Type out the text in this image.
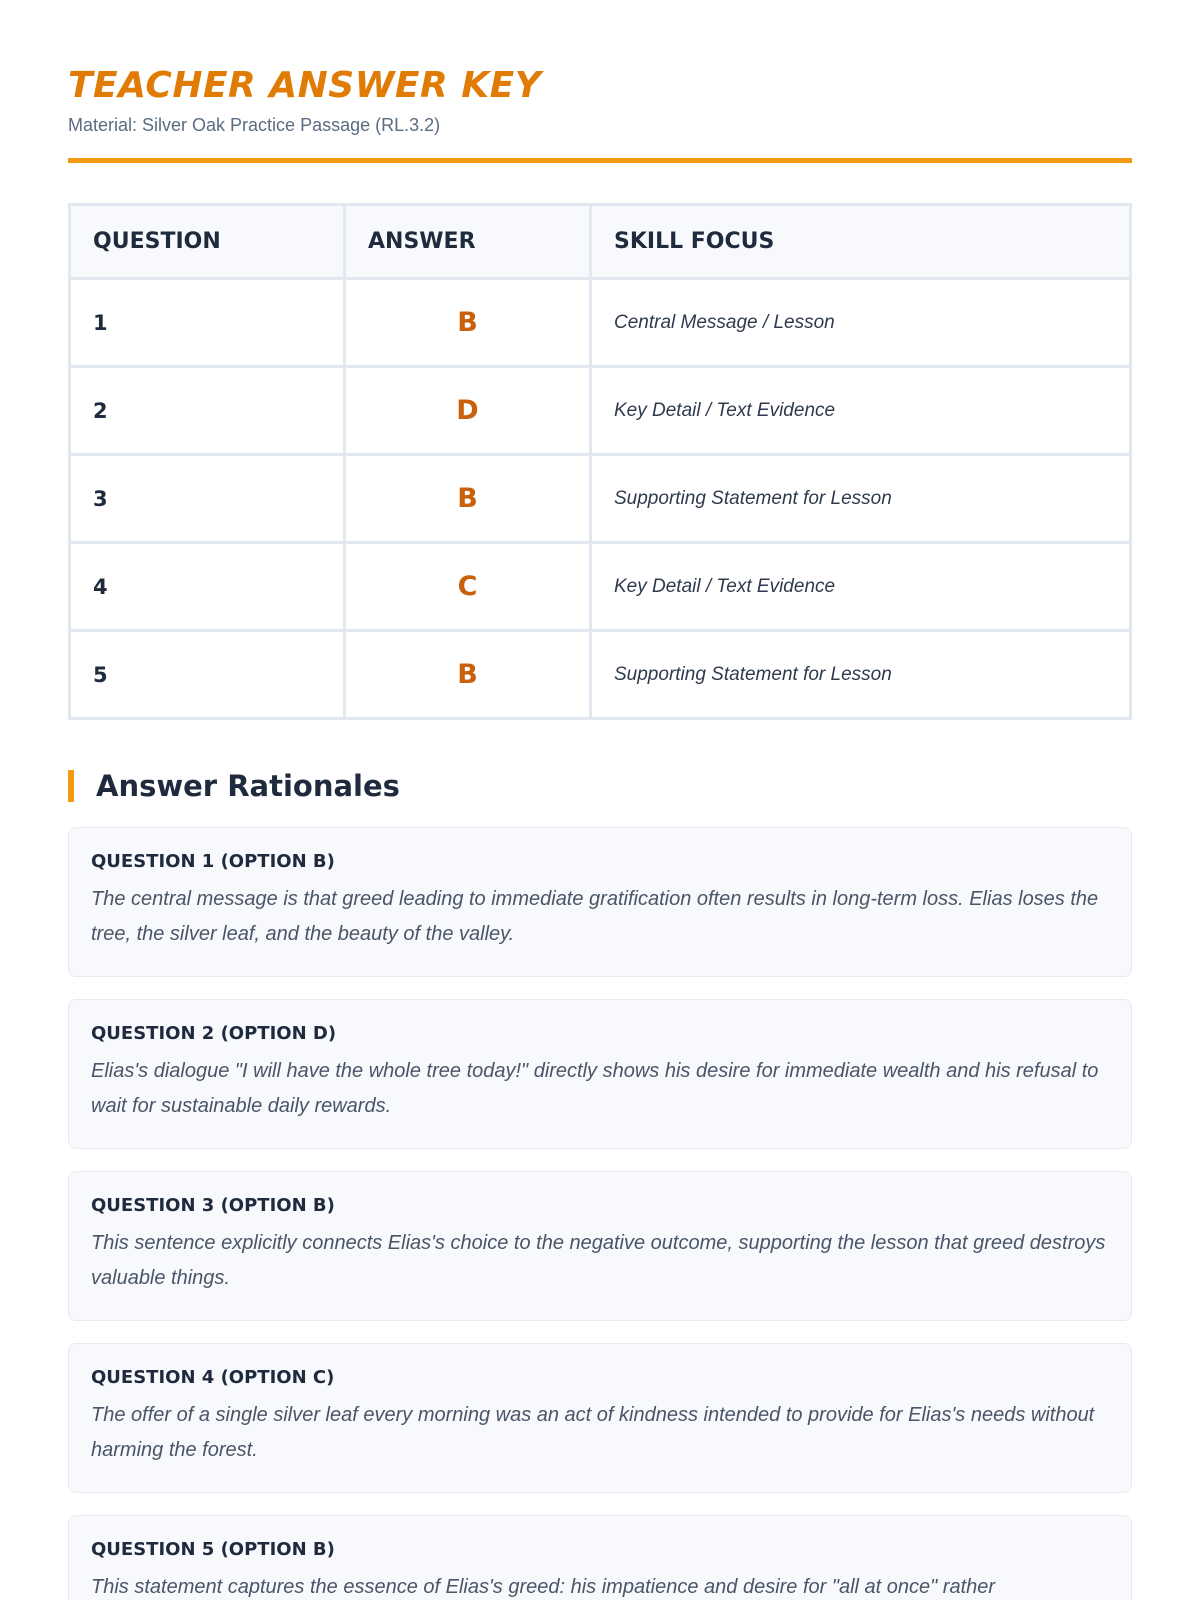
TEACHER ANSWER KEY
Material: Silver Oak Practice Passage (RL.3.2)
QUESTION	ANSWER	SKILL FOCUS
1	B	Central Message / Lesson
2	D	Key Detail / Text Evidence
3	B	Supporting Statement for Lesson
4	C	Key Detail / Text Evidence
5	B	Supporting Statement for Lesson
Answer Rationales
QUESTION 1 (OPTION B)
The central message is that greed leading to immediate gratification often results in long-term loss. Elias loses the tree, the silver leaf, and the beauty of the valley.
QUESTION 2 (OPTION D)
Elias's dialogue "I will have the whole tree today!" directly shows his desire for immediate wealth and his refusal to wait for sustainable daily rewards.
QUESTION 3 (OPTION B)
This sentence explicitly connects Elias's choice to the negative outcome, supporting the lesson that greed destroys valuable things.
QUESTION 4 (OPTION C)
The offer of a single silver leaf every morning was an act of kindness intended to provide for Elias's needs without harming the forest.
QUESTION 5 (OPTION B)
This statement captures the essence of Elias's greed: his impatience and desire for "all at once" rather
